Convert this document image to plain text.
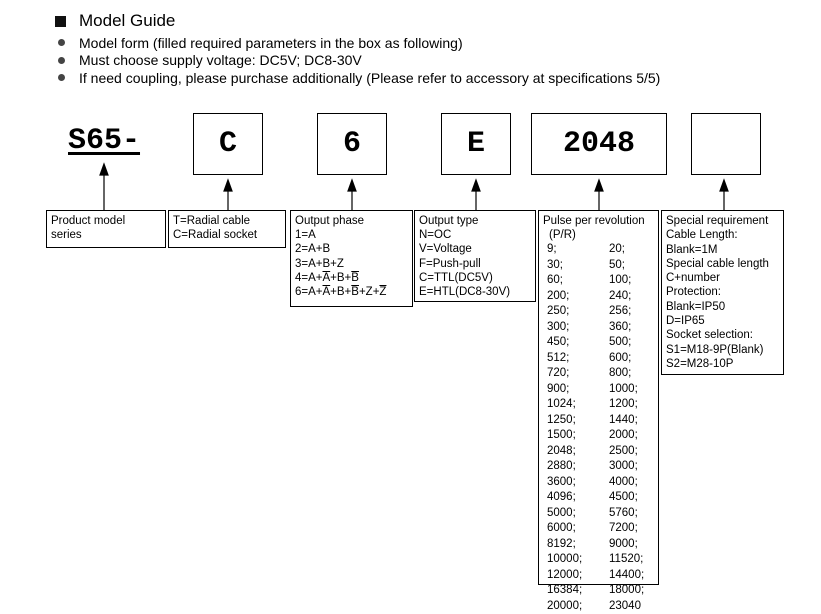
Model Guide
Model form (filled required parameters in the box as following)
Must choose supply voltage: DC5V; DC8-30V
If need coupling, please purchase additionally (Please refer to accessory at specifications 5/5)
S65-	C	6	E	2048
Product model
series
T=Radial cable
C=Radial socket
Output phase
1=A
2=A+B
3=A+B+Z
$4=A+\overline{A}+B+\overline{B}$
$6=A+\overline{A}+B+\overline{B}+Z+\overline{Z}$
Output type
N=OC
V=Voltage
F=Push-pull
C=TTL(DC5V)
E=HTL(DC8-30V)
Pulse per revolution
(P/R)
9;	20;
30;	50;
60;	100;
200;	240;
250;	256;
300;	360;
450;	500;
512;	600;
720;	800;
900;	1000;
1024;	1200;
1250;	1440;
1500;	2000;
2048;	2500;
2880;	3000;
3600;	4000;
4096;	4500;
5000;	5760;
6000;	7200;
8192;	9000;
10000;	11520;
12000;	14400;
16384;	18000;
20000;	23040
Special requirement
Cable Length:
Blank=1M
Special cable length
C+number
Protection:
Blank=IP50
D=IP65
Socket selection:
S1=M18-9P(Blank)
S2=M28-10P
